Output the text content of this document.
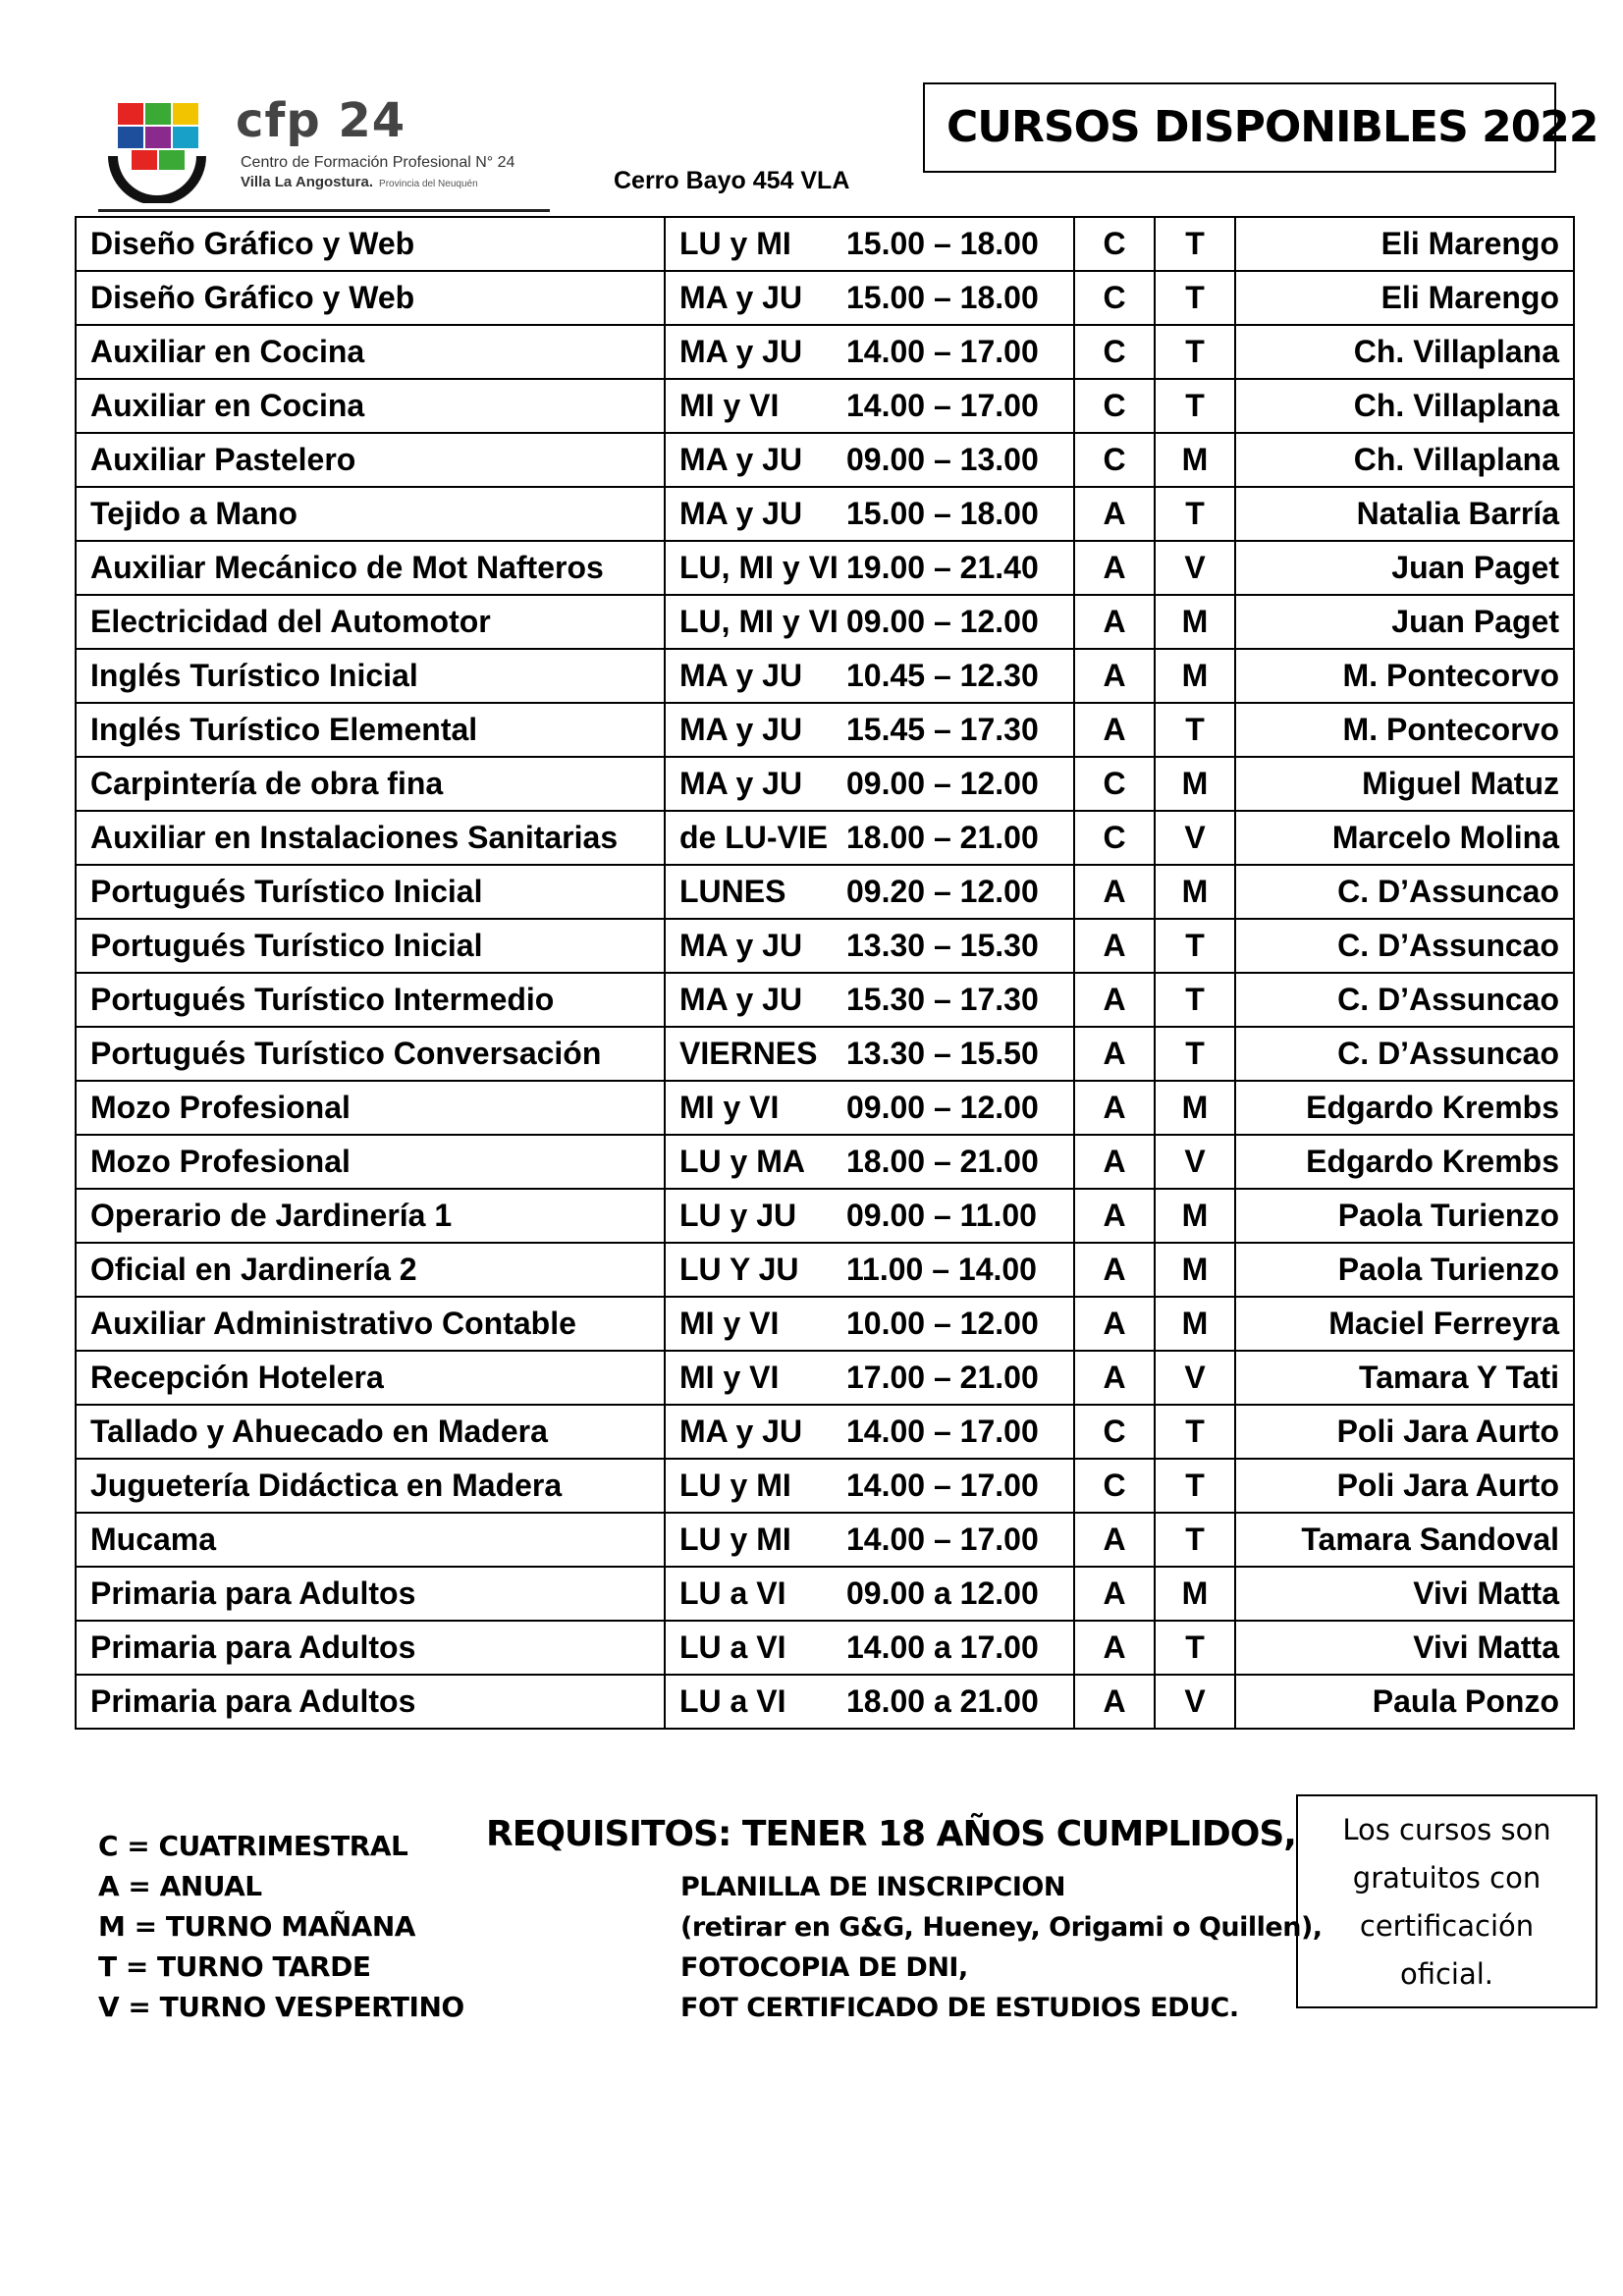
cfp 24
Centro de Formación Profesional N° 24
Villa La Angostura. Provincia del Neuquén	Cerro Bayo 454 VLA
CURSOS DISPONIBLES 2022
Diseño Gráfico y Web	LU y MI 15.00 – 18.00	C	T	Eli Marengo
Diseño Gráfico y Web	MA y JU 15.00 – 18.00	C	T	Eli Marengo
Auxiliar en Cocina	MA y JU 14.00 – 17.00	C	T	Ch. Villaplana
Auxiliar en Cocina	MI y VI 14.00 – 17.00	C	T	Ch. Villaplana
Auxiliar Pastelero	MA y JU 09.00 – 13.00	C	M	Ch. Villaplana
Tejido a Mano	MA y JU 15.00 – 18.00	A	T	Natalia Barría
Auxiliar Mecánico de Mot Nafteros	LU, MI y VI 19.00 – 21.40	A	V	Juan Paget
Electricidad del Automotor	LU, MI y VI 09.00 – 12.00	A	M	Juan Paget
Inglés Turístico Inicial	MA y JU 10.45 – 12.30	A	M	M. Pontecorvo
Inglés Turístico Elemental	MA y JU 15.45 – 17.30	A	T	M. Pontecorvo
Carpintería de obra fina	MA y JU 09.00 – 12.00	C	M	Miguel Matuz
Auxiliar en Instalaciones Sanitarias	de LU-VIE 18.00 – 21.00	C	V	Marcelo Molina
Portugués Turístico Inicial	LUNES 09.20 – 12.00	A	M	C. D’Assuncao
Portugués Turístico Inicial	MA y JU 13.30 – 15.30	A	T	C. D’Assuncao
Portugués Turístico Intermedio	MA y JU 15.30 – 17.30	A	T	C. D’Assuncao
Portugués Turístico Conversación	VIERNES 13.30 – 15.50	A	T	C. D’Assuncao
Mozo Profesional	MI y VI 09.00 – 12.00	A	M	Edgardo Krembs
Mozo Profesional	LU y MA 18.00 – 21.00	A	V	Edgardo Krembs
Operario de Jardinería 1	LU y JU 09.00 – 11.00	A	M	Paola Turienzo
Oficial en Jardinería 2	LU Y JU 11.00 – 14.00	A	M	Paola Turienzo
Auxiliar Administrativo Contable	MI y VI 10.00 – 12.00	A	M	Maciel Ferreyra
Recepción Hotelera	MI y VI 17.00 – 21.00	A	V	Tamara Y Tati
Tallado y Ahuecado en Madera	MA y JU 14.00 – 17.00	C	T	Poli Jara Aurto
Juguetería Didáctica en Madera	LU y MI 14.00 – 17.00	C	T	Poli Jara Aurto
Mucama	LU y MI 14.00 – 17.00	A	T	Tamara Sandoval
Primaria para Adultos	LU a VI 09.00 a 12.00	A	M	Vivi Matta
Primaria para Adultos	LU a VI 14.00 a 17.00	A	T	Vivi Matta
Primaria para Adultos	LU a VI 18.00 a 21.00	A	V	Paula Ponzo
C = CUATRIMESTRAL
A = ANUAL
M = TURNO MAÑANA
T = TURNO TARDE
V = TURNO VESPERTINO
REQUISITOS: TENER 18 AÑOS CUMPLIDOS,
PLANILLA DE INSCRIPCION
(retirar en G&G, Hueney, Origami o Quillen),
FOTOCOPIA DE DNI,
FOT CERTIFICADO DE ESTUDIOS EDUC.
Los cursos son
gratuitos con
certificación
oficial.
